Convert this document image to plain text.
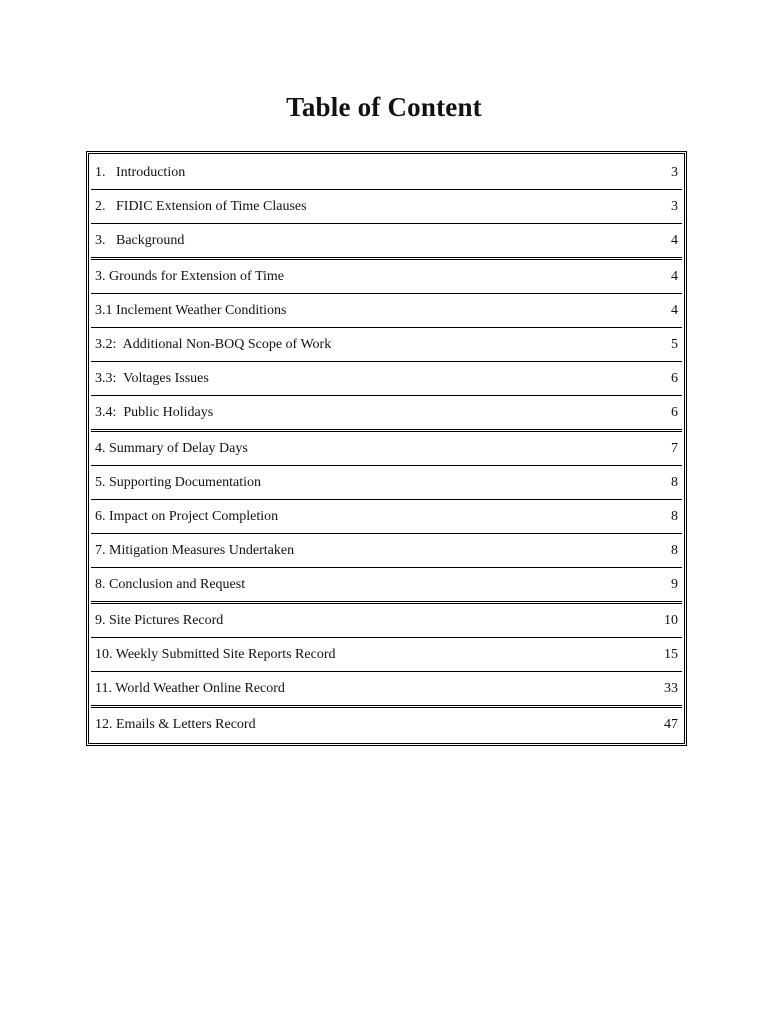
Table of Content
1.   Introduction	3
2.   FIDIC Extension of Time Clauses	3
3.   Background	4
3. Grounds for Extension of Time	4
3.1 Inclement Weather Conditions	4
3.2:  Additional Non-BOQ Scope of Work	5
3.3:  Voltages Issues	6
3.4:  Public Holidays	6
4. Summary of Delay Days	7
5. Supporting Documentation	8
6. Impact on Project Completion	8
7. Mitigation Measures Undertaken	8
8. Conclusion and Request	9
9. Site Pictures Record	10
10. Weekly Submitted Site Reports Record	15
11. World Weather Online Record	33
12. Emails & Letters Record	47
